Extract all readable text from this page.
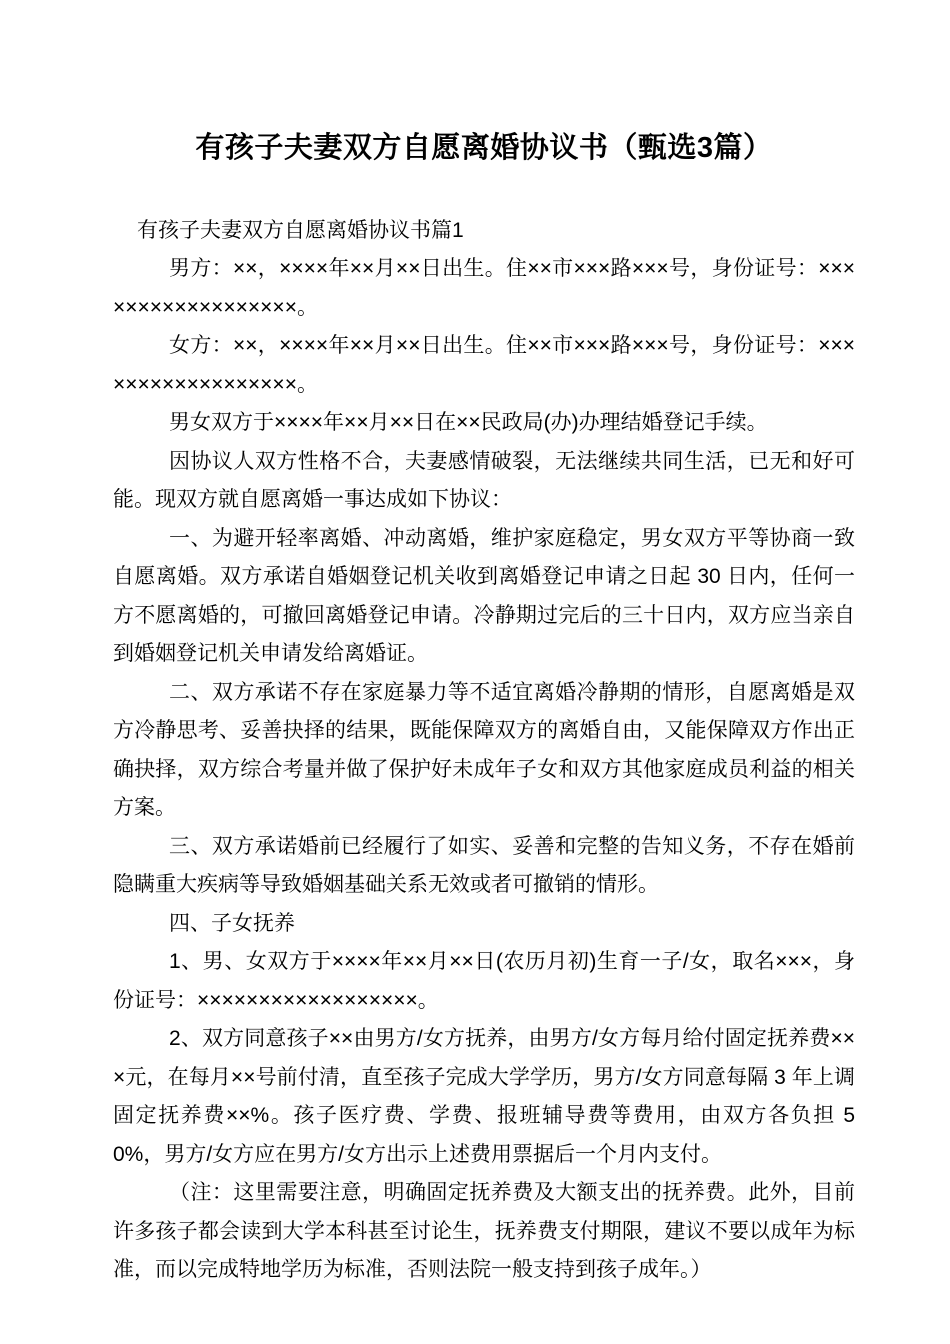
有孩子夫妻双方自愿离婚协议书（甄选3篇）
有孩子夫妻双方自愿离婚协议书篇1

男方：××，××××年××月××日出生。住××市×××路×××号，身份证号：××××××××××××××××××。

女方：××，××××年××月××日出生。住××市×××路×××号，身份证号：××××××××××××××××××。

男女双方于××××年××月××日在××民政局(办)办理结婚登记手续。

因协议人双方性格不合，夫妻感情破裂，无法继续共同生活，已无和好可能。现双方就自愿离婚一事达成如下协议：

一、为避开轻率离婚、冲动离婚，维护家庭稳定，男女双方平等协商一致自愿离婚。双方承诺自婚姻登记机关收到离婚登记申请之日起 30 日内，任何一方不愿离婚的，可撤回离婚登记申请。冷静期过完后的三十日内，双方应当亲自到婚姻登记机关申请发给离婚证。

二、双方承诺不存在家庭暴力等不适宜离婚冷静期的情形，自愿离婚是双方冷静思考、妥善抉择的结果，既能保障双方的离婚自由，又能保障双方作出正确抉择，双方综合考量并做了保护好未成年子女和双方其他家庭成员利益的相关方案。

三、双方承诺婚前已经履行了如实、妥善和完整的告知义务，不存在婚前隐瞒重大疾病等导致婚姻基础关系无效或者可撤销的情形。

四、子女抚养

1、男、女双方于××××年××月××日(农历月初)生育一子/女，取名×××，身份证号：××××××××××××××××××。

2、双方同意孩子××由男方/女方抚养，由男方/女方每月给付固定抚养费×××元，在每月××号前付清，直至孩子完成大学学历，男方/女方同意每隔 3 年上调固定抚养费××%。孩子医疗费、学费、报班辅导费等费用，由双方各负担 50%，男方/女方应在男方/女方出示上述费用票据后一个月内支付。

（注：这里需要注意，明确固定抚养费及大额支出的抚养费。此外，目前许多孩子都会读到大学本科甚至讨论生，抚养费支付期限，建议不要以成年为标准，而以完成特地学历为标准，否则法院一般支持到孩子成年。）
